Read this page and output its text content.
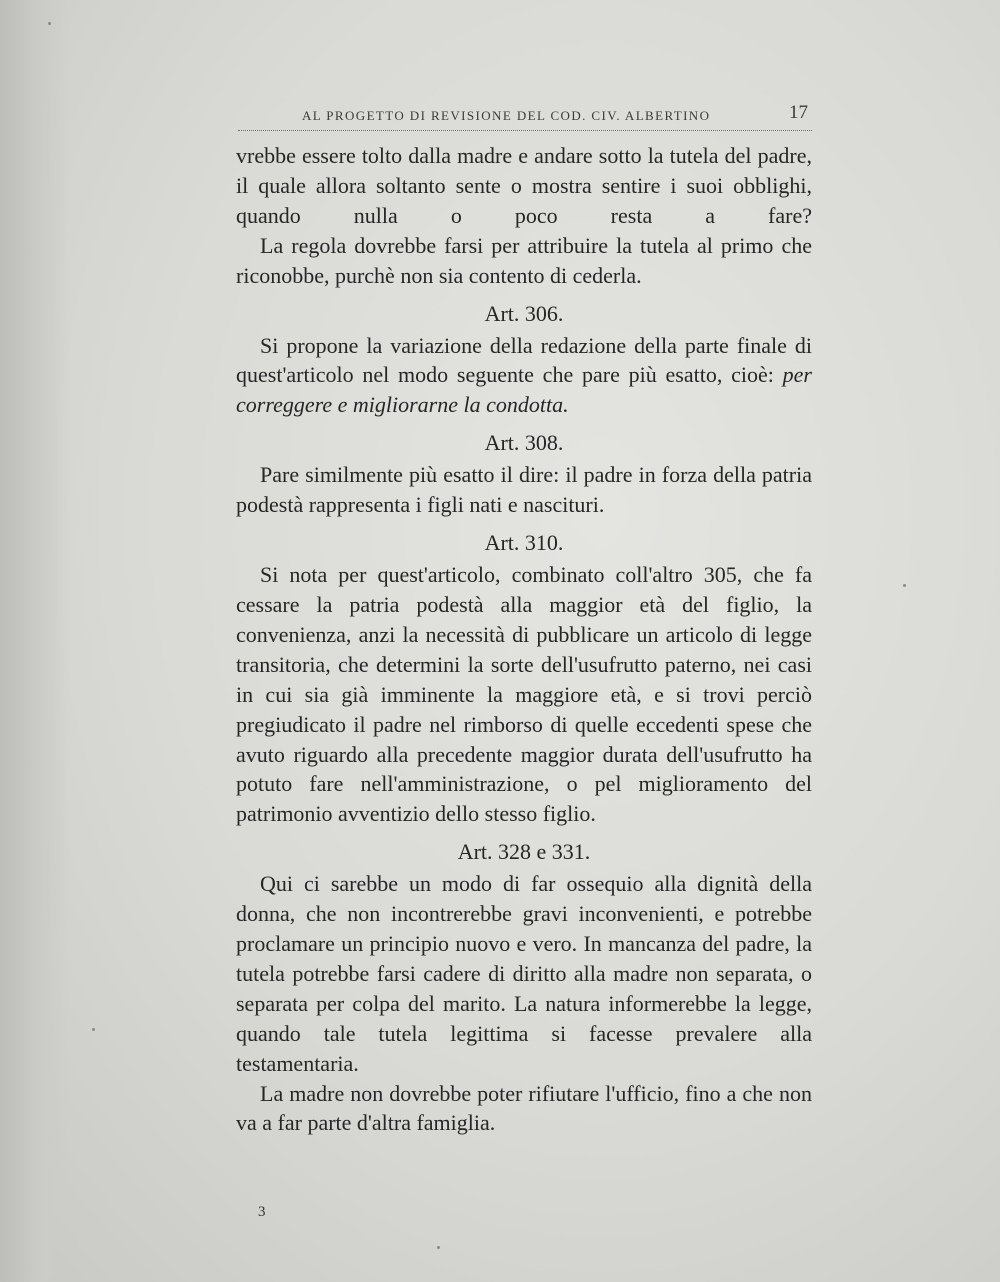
AL PROGETTO DI REVISIONE DEL COD. CIV. ALBERTINO	17

vrebbe essere tolto dalla madre e andare sotto la tutela del padre, il quale allora soltanto sente o mostra sentire i suoi obblighi, quando nulla o poco resta a fare?

La regola dovrebbe farsi per attribuire la tutela al primo che riconobbe, purchè non sia contento di cederla.

Art. 306.

Si propone la variazione della redazione della parte finale di quest'articolo nel modo seguente che pare più esatto, cioè: per correggere e migliorarne la condotta.

Art. 308.

Pare similmente più esatto il dire: il padre in forza della patria podestà rappresenta i figli nati e nascituri.

Art. 310.

Si nota per quest'articolo, combinato coll'altro 305, che fa cessare la patria podestà alla maggior età del figlio, la convenienza, anzi la necessità di pubblicare un articolo di legge transitoria, che determini la sorte dell'usufrutto paterno, nei casi in cui sia già imminente la maggiore età, e si trovi perciò pregiudicato il padre nel rimborso di quelle eccedenti spese che avuto riguardo alla precedente maggior durata dell'usufrutto ha potuto fare nell'amministrazione, o pel miglioramento del patrimonio avventizio dello stesso figlio.

Art. 328 e 331.

Qui ci sarebbe un modo di far ossequio alla dignità della donna, che non incontrerebbe gravi inconvenienti, e potrebbe proclamare un principio nuovo e vero. In mancanza del padre, la tutela potrebbe farsi cadere di diritto alla madre non separata, o separata per colpa del marito. La natura informerebbe la legge, quando tale tutela legittima si facesse prevalere alla testamentaria.

La madre non dovrebbe poter rifiutare l'ufficio, fino a che non va a far parte d'altra famiglia.

3
